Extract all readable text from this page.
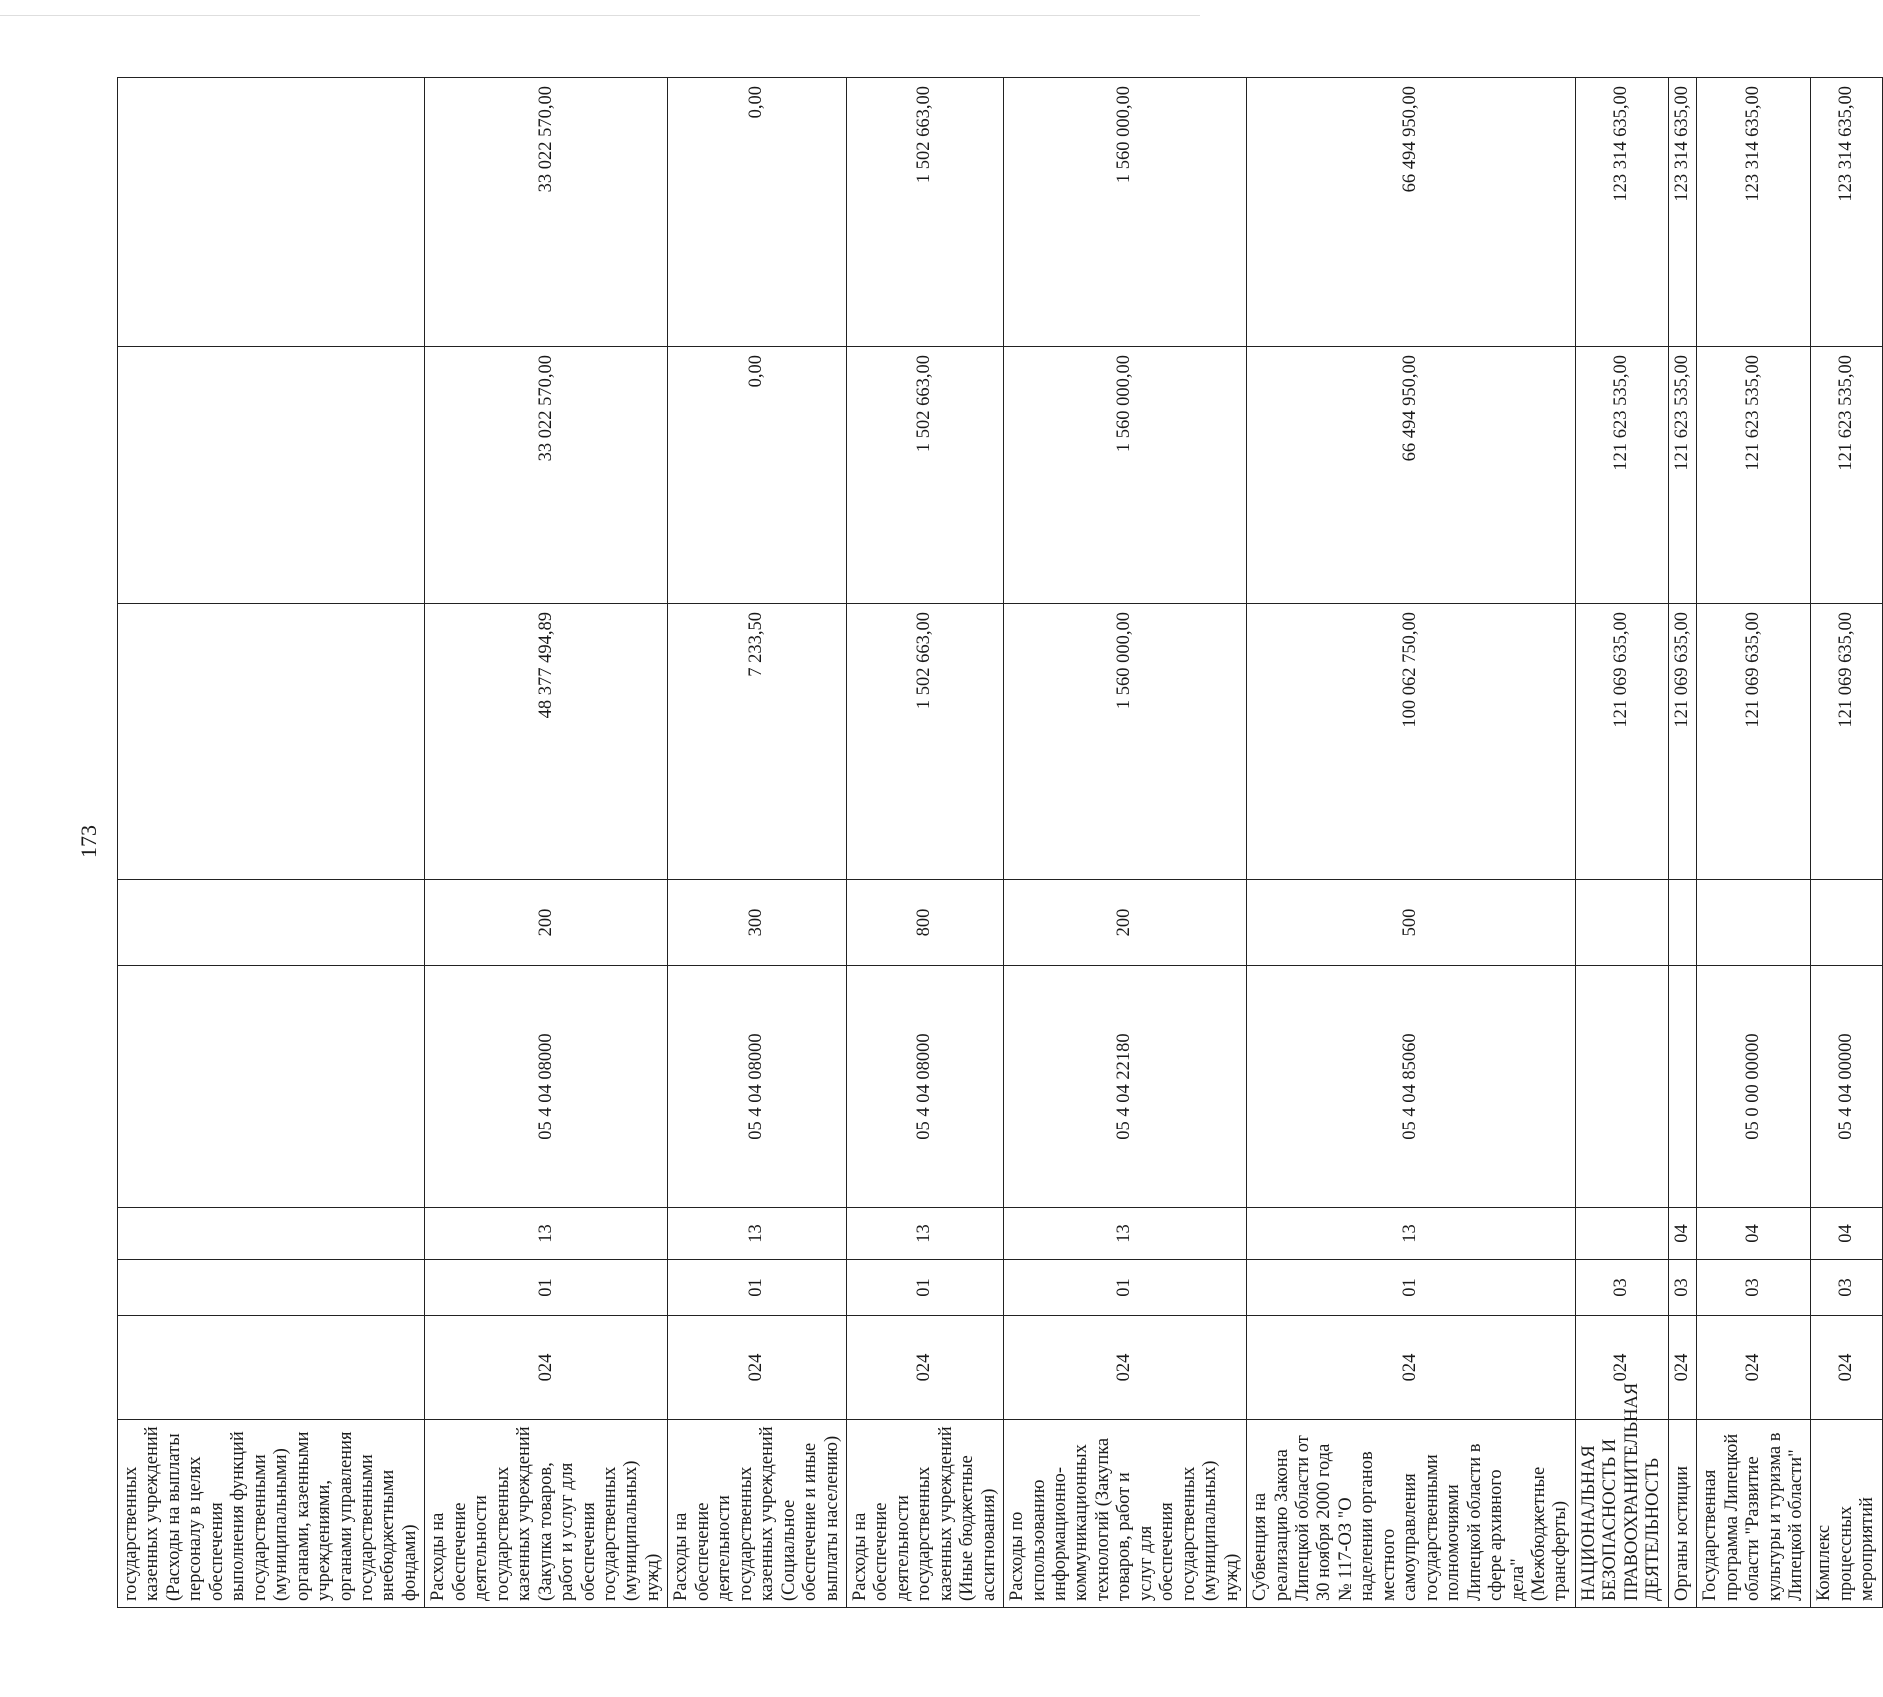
173
государственных казенных учреждений (Расходы на выплаты персоналу в целях обеспечения выполнения функций государственными (муниципальными) органами, казенными учреждениями, органами управления государственными внебюджетными фондами)								
Расходы на обеспечение деятельности государственных казенных учреждений (Закупка товаров, работ и услуг для обеспечения государственных (муниципальных) нужд)	024	01	13	05 4 04 08000	200	48 377 494,89	33 022 570,00	33 022 570,00
Расходы на обеспечение деятельности государственных казенных учреждений (Социальное обеспечение и иные выплаты населению)	024	01	13	05 4 04 08000	300	7 233,50	0,00	0,00
Расходы на обеспечение деятельности государственных казенных учреждений (Иные бюджетные ассигнования)	024	01	13	05 4 04 08000	800	1 502 663,00	1 502 663,00	1 502 663,00
Расходы по использованию информационно-коммуникационных технологий (Закупка товаров, работ и услуг для обеспечения государственных (муниципальных) нужд)	024	01	13	05 4 04 22180	200	1 560 000,00	1 560 000,00	1 560 000,00
Субвенция на реализацию Закона Липецкой области от 30 ноября 2000 года № 117-ОЗ "О наделении органов местного самоуправления государственными полномочиями Липецкой области в сфере архивного дела" (Межбюджетные трансферты)	024	01	13	05 4 04 85060	500	100 062 750,00	66 494 950,00	66 494 950,00
НАЦИОНАЛЬНАЯ БЕЗОПАСНОСТЬ И ПРАВООХРАНИТЕЛЬНАЯ ДЕЯТЕЛЬНОСТЬ	024	03				121 069 635,00	121 623 535,00	123 314 635,00
Органы юстиции	024	03	04			121 069 635,00	121 623 535,00	123 314 635,00
Государственная программа Липецкой области "Развитие культуры и туризма в Липецкой области"	024	03	04	05 0 00 00000		121 069 635,00	121 623 535,00	123 314 635,00
Комплекс процессных мероприятий	024	03	04	05 4 04 00000		121 069 635,00	121 623 535,00	123 314 635,00
